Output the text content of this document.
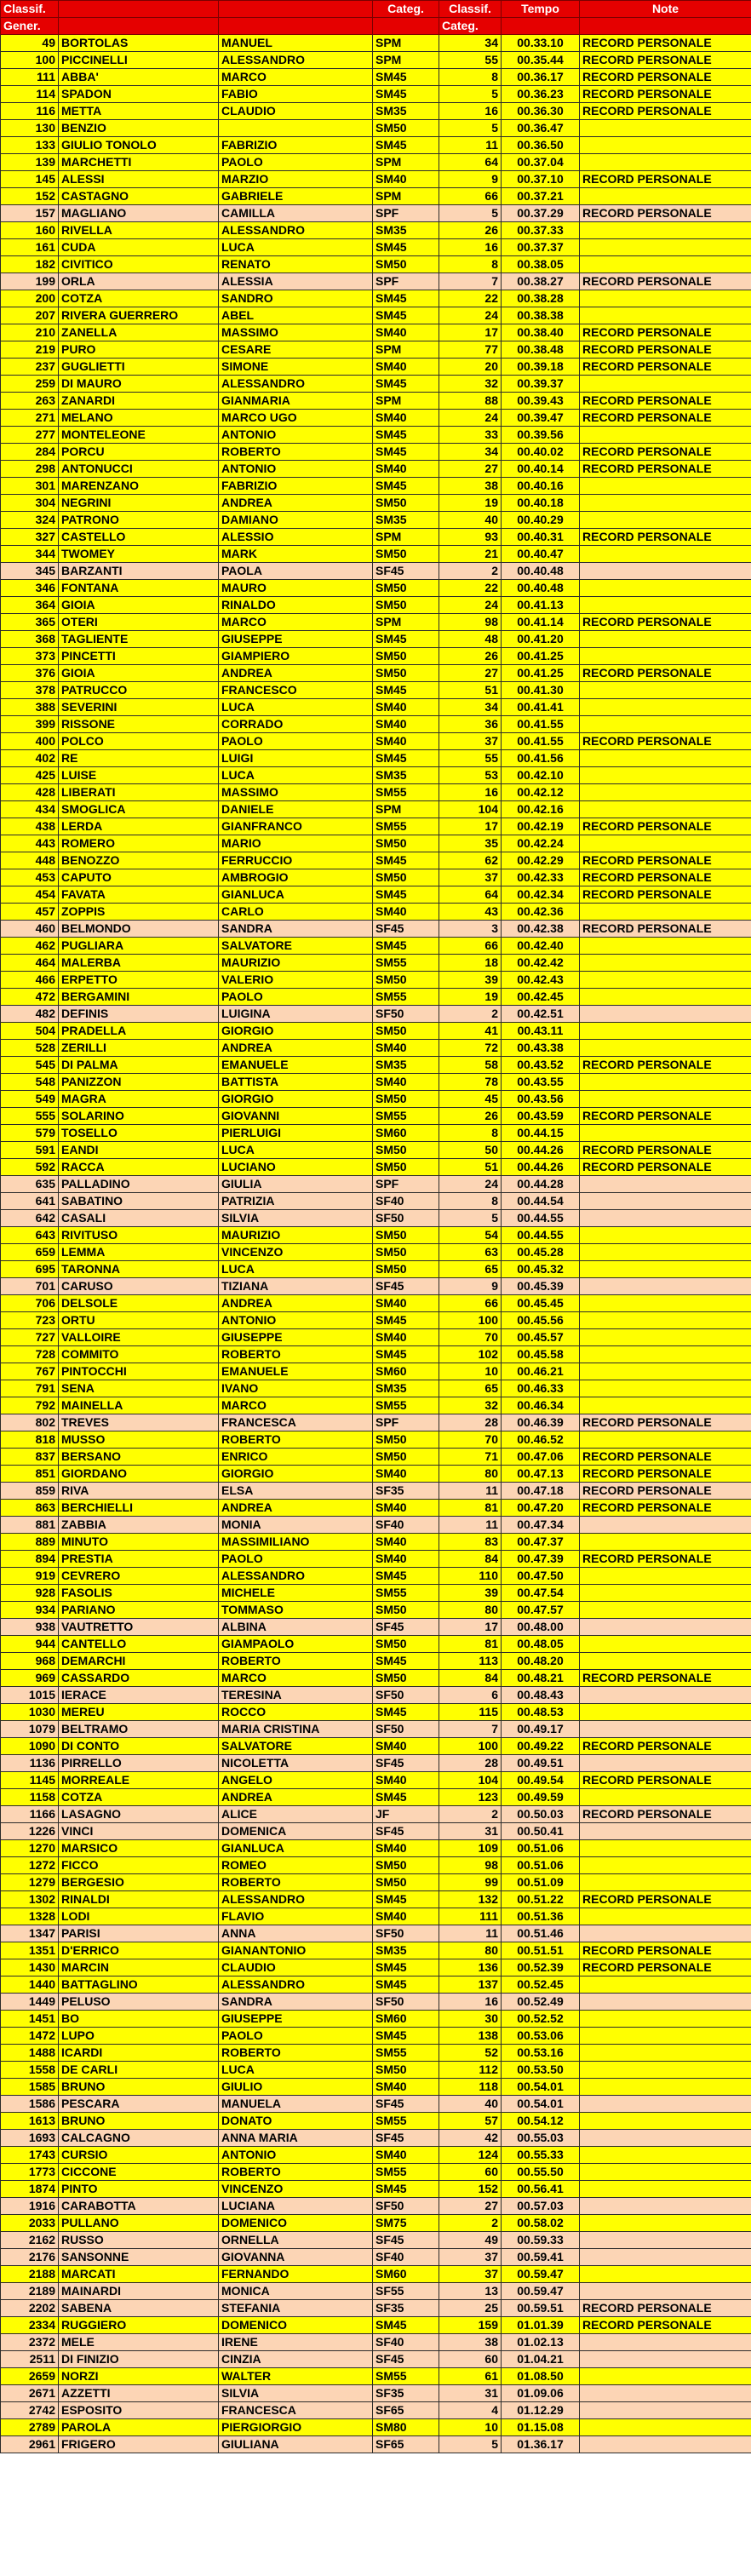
Classif.			Categ.	Classif.	Tempo	Note
Gener.				Categ.		
49	BORTOLAS	MANUEL	SPM	34	00.33.10	RECORD PERSONALE
100	PICCINELLI	ALESSANDRO	SPM	55	00.35.44	RECORD PERSONALE
111	ABBA'	MARCO	SM45	8	00.36.17	RECORD PERSONALE
114	SPADON	FABIO	SM45	5	00.36.23	RECORD PERSONALE
116	METTA	CLAUDIO	SM35	16	00.36.30	RECORD PERSONALE
130	BENZIO		SM50	5	00.36.47	
133	GIULIO TONOLO	FABRIZIO	SM45	11	00.36.50	
139	MARCHETTI	PAOLO	SPM	64	00.37.04	
145	ALESSI	MARZIO	SM40	9	00.37.10	RECORD PERSONALE
152	CASTAGNO	GABRIELE	SPM	66	00.37.21	
157	MAGLIANO	CAMILLA	SPF	5	00.37.29	RECORD PERSONALE
160	RIVELLA	ALESSANDRO	SM35	26	00.37.33	
161	CUDA	LUCA	SM45	16	00.37.37	
182	CIVITICO	RENATO	SM50	8	00.38.05	
199	ORLA	ALESSIA	SPF	7	00.38.27	RECORD PERSONALE
200	COTZA	SANDRO	SM45	22	00.38.28	
207	RIVERA GUERRERO	ABEL	SM45	24	00.38.38	
210	ZANELLA	MASSIMO	SM40	17	00.38.40	RECORD PERSONALE
219	PURO	CESARE	SPM	77	00.38.48	RECORD PERSONALE
237	GUGLIETTI	SIMONE	SM40	20	00.39.18	RECORD PERSONALE
259	DI MAURO	ALESSANDRO	SM45	32	00.39.37	
263	ZANARDI	GIANMARIA	SPM	88	00.39.43	RECORD PERSONALE
271	MELANO	MARCO UGO	SM40	24	00.39.47	RECORD PERSONALE
277	MONTELEONE	ANTONIO	SM45	33	00.39.56	
284	PORCU	ROBERTO	SM45	34	00.40.02	RECORD PERSONALE
298	ANTONUCCI	ANTONIO	SM40	27	00.40.14	RECORD PERSONALE
301	MARENZANO	FABRIZIO	SM45	38	00.40.16	
304	NEGRINI	ANDREA	SM50	19	00.40.18	
324	PATRONO	DAMIANO	SM35	40	00.40.29	
327	CASTELLO	ALESSIO	SPM	93	00.40.31	RECORD PERSONALE
344	TWOMEY	MARK	SM50	21	00.40.47	
345	BARZANTI	PAOLA	SF45	2	00.40.48	
346	FONTANA	MAURO	SM50	22	00.40.48	
364	GIOIA	RINALDO	SM50	24	00.41.13	
365	OTERI	MARCO	SPM	98	00.41.14	RECORD PERSONALE
368	TAGLIENTE	GIUSEPPE	SM45	48	00.41.20	
373	PINCETTI	GIAMPIERO	SM50	26	00.41.25	
376	GIOIA	ANDREA	SM50	27	00.41.25	RECORD PERSONALE
378	PATRUCCO	FRANCESCO	SM45	51	00.41.30	
388	SEVERINI	LUCA	SM40	34	00.41.41	
399	RISSONE	CORRADO	SM40	36	00.41.55	
400	POLCO	PAOLO	SM40	37	00.41.55	RECORD PERSONALE
402	RE	LUIGI	SM45	55	00.41.56	
425	LUISE	LUCA	SM35	53	00.42.10	
428	LIBERATI	MASSIMO	SM55	16	00.42.12	
434	SMOGLICA	DANIELE	SPM	104	00.42.16	
438	LERDA	GIANFRANCO	SM55	17	00.42.19	RECORD PERSONALE
443	ROMERO	MARIO	SM50	35	00.42.24	
448	BENOZZO	FERRUCCIO	SM45	62	00.42.29	RECORD PERSONALE
453	CAPUTO	AMBROGIO	SM50	37	00.42.33	RECORD PERSONALE
454	FAVATA	GIANLUCA	SM45	64	00.42.34	RECORD PERSONALE
457	ZOPPIS	CARLO	SM40	43	00.42.36	
460	BELMONDO	SANDRA	SF45	3	00.42.38	RECORD PERSONALE
462	PUGLIARA	SALVATORE	SM45	66	00.42.40	
464	MALERBA	MAURIZIO	SM55	18	00.42.42	
466	ERPETTO	VALERIO	SM50	39	00.42.43	
472	BERGAMINI	PAOLO	SM55	19	00.42.45	
482	DEFINIS	LUIGINA	SF50	2	00.42.51	
504	PRADELLA	GIORGIO	SM50	41	00.43.11	
528	ZERILLI	ANDREA	SM40	72	00.43.38	
545	DI PALMA	EMANUELE	SM35	58	00.43.52	RECORD PERSONALE
548	PANIZZON	BATTISTA	SM40	78	00.43.55	
549	MAGRA	GIORGIO	SM50	45	00.43.56	
555	SOLARINO	GIOVANNI	SM55	26	00.43.59	RECORD PERSONALE
579	TOSELLO	PIERLUIGI	SM60	8	00.44.15	
591	EANDI	LUCA	SM50	50	00.44.26	RECORD PERSONALE
592	RACCA	LUCIANO	SM50	51	00.44.26	RECORD PERSONALE
635	PALLADINO	GIULIA	SPF	24	00.44.28	
641	SABATINO	PATRIZIA	SF40	8	00.44.54	
642	CASALI	SILVIA	SF50	5	00.44.55	
643	RIVITUSO	MAURIZIO	SM50	54	00.44.55	
659	LEMMA	VINCENZO	SM50	63	00.45.28	
695	TARONNA	LUCA	SM50	65	00.45.32	
701	CARUSO	TIZIANA	SF45	9	00.45.39	
706	DELSOLE	ANDREA	SM40	66	00.45.45	
723	ORTU	ANTONIO	SM45	100	00.45.56	
727	VALLOIRE	GIUSEPPE	SM40	70	00.45.57	
728	COMMITO	ROBERTO	SM45	102	00.45.58	
767	PINTOCCHI	EMANUELE	SM60	10	00.46.21	
791	SENA	IVANO	SM35	65	00.46.33	
792	MAINELLA	MARCO	SM55	32	00.46.34	
802	TREVES	FRANCESCA	SPF	28	00.46.39	RECORD PERSONALE
818	MUSSO	ROBERTO	SM50	70	00.46.52	
837	BERSANO	ENRICO	SM50	71	00.47.06	RECORD PERSONALE
851	GIORDANO	GIORGIO	SM40	80	00.47.13	RECORD PERSONALE
859	RIVA	ELSA	SF35	11	00.47.18	RECORD PERSONALE
863	BERCHIELLI	ANDREA	SM40	81	00.47.20	RECORD PERSONALE
881	ZABBIA	MONIA	SF40	11	00.47.34	
889	MINUTO	MASSIMILIANO	SM40	83	00.47.37	
894	PRESTIA	PAOLO	SM40	84	00.47.39	RECORD PERSONALE
919	CEVRERO	ALESSANDRO	SM45	110	00.47.50	
928	FASOLIS	MICHELE	SM55	39	00.47.54	
934	PARIANO	TOMMASO	SM50	80	00.47.57	
938	VAUTRETTO	ALBINA	SF45	17	00.48.00	
944	CANTELLO	GIAMPAOLO	SM50	81	00.48.05	
968	DEMARCHI	ROBERTO	SM45	113	00.48.20	
969	CASSARDO	MARCO	SM50	84	00.48.21	RECORD PERSONALE
1015	IERACE	TERESINA	SF50	6	00.48.43	
1030	MEREU	ROCCO	SM45	115	00.48.53	
1079	BELTRAMO	MARIA CRISTINA	SF50	7	00.49.17	
1090	DI CONTO	SALVATORE	SM40	100	00.49.22	RECORD PERSONALE
1136	PIRRELLO	NICOLETTA	SF45	28	00.49.51	
1145	MORREALE	ANGELO	SM40	104	00.49.54	RECORD PERSONALE
1158	COTZA	ANDREA	SM45	123	00.49.59	
1166	LASAGNO	ALICE	JF	2	00.50.03	RECORD PERSONALE
1226	VINCI	DOMENICA	SF45	31	00.50.41	
1270	MARSICO	GIANLUCA	SM40	109	00.51.06	
1272	FICCO	ROMEO	SM50	98	00.51.06	
1279	BERGESIO	ROBERTO	SM50	99	00.51.09	
1302	RINALDI	ALESSANDRO	SM45	132	00.51.22	RECORD PERSONALE
1328	LODI	FLAVIO	SM40	111	00.51.36	
1347	PARISI	ANNA	SF50	11	00.51.46	
1351	D'ERRICO	GIANANTONIO	SM35	80	00.51.51	RECORD PERSONALE
1430	MARCIN	CLAUDIO	SM45	136	00.52.39	RECORD PERSONALE
1440	BATTAGLINO	ALESSANDRO	SM45	137	00.52.45	
1449	PELUSO	SANDRA	SF50	16	00.52.49	
1451	BO	GIUSEPPE	SM60	30	00.52.52	
1472	LUPO	PAOLO	SM45	138	00.53.06	
1488	ICARDI	ROBERTO	SM55	52	00.53.16	
1558	DE CARLI	LUCA	SM50	112	00.53.50	
1585	BRUNO	GIULIO	SM40	118	00.54.01	
1586	PESCARA	MANUELA	SF45	40	00.54.01	
1613	BRUNO	DONATO	SM55	57	00.54.12	
1693	CALCAGNO	ANNA MARIA	SF45	42	00.55.03	
1743	CURSIO	ANTONIO	SM40	124	00.55.33	
1773	CICCONE	ROBERTO	SM55	60	00.55.50	
1874	PINTO	VINCENZO	SM45	152	00.56.41	
1916	CARABOTTA	LUCIANA	SF50	27	00.57.03	
2033	PULLANO	DOMENICO	SM75	2	00.58.02	
2162	RUSSO	ORNELLA	SF45	49	00.59.33	
2176	SANSONNE	GIOVANNA	SF40	37	00.59.41	
2188	MARCATI	FERNANDO	SM60	37	00.59.47	
2189	MAINARDI	MONICA	SF55	13	00.59.47	
2202	SABENA	STEFANIA	SF35	25	00.59.51	RECORD PERSONALE
2334	RUGGIERO	DOMENICO	SM45	159	01.01.39	RECORD PERSONALE
2372	MELE	IRENE	SF40	38	01.02.13	
2511	DI FINIZIO	CINZIA	SF45	60	01.04.21	
2659	NORZI	WALTER	SM55	61	01.08.50	
2671	AZZETTI	SILVIA	SF35	31	01.09.06	
2742	ESPOSITO	FRANCESCA	SF65	4	01.12.29	
2789	PAROLA	PIERGIORGIO	SM80	10	01.15.08	
2961	FRIGERO	GIULIANA	SF65	5	01.36.17	
